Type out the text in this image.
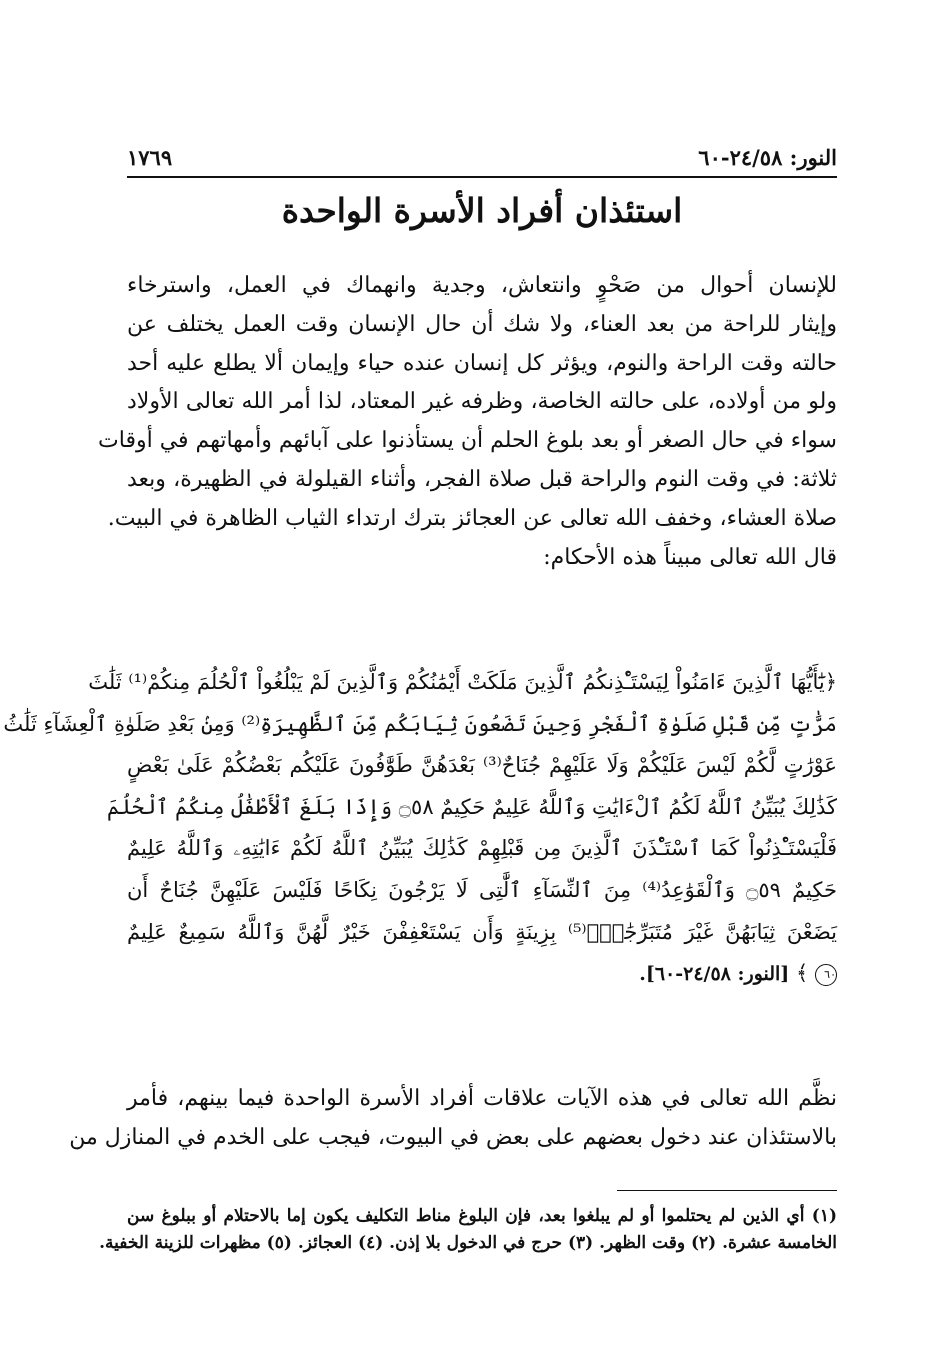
النور: ٢٤/٥٨-٦٠
١٧٦٩
استئذان أفراد الأسرة الواحدة
للإنسان أحوال من صَحْوٍ وانتعاش، وجدية وانهماك في العمل، واسترخاء
وإيثار للراحة من بعد العناء، ولا شك أن حال الإنسان وقت العمل يختلف عن
حالته وقت الراحة والنوم، ويؤثر كل إنسان عنده حياء وإيمان ألا يطلع عليه أحد
ولو من أولاده، على حالته الخاصة، وظرفه غير المعتاد، لذا أمر الله تعالى الأولاد
سواء في حال الصغر أو بعد بلوغ الحلم أن يستأذنوا على آبائهم وأمهاتهم في أوقات
ثلاثة: في وقت النوم والراحة قبل صلاة الفجر، وأثناء القيلولة في الظهيرة، وبعد
صلاة العشاء، وخفف الله تعالى عن العجائز بترك ارتداء الثياب الظاهرة في البيت.
قال الله تعالى مبيناً هذه الأحكام:
﴿يَٰٓأَيُّهَا ٱلَّذِينَ ءَامَنُواْ لِيَسْتَـْٔذِنكُمُ ٱلَّذِينَ مَلَكَتْ أَيْمَٰنُكُمْ وَٱلَّذِينَ لَمْ يَبْلُغُواْ ٱلْحُلُمَ مِنكُمْ⁽¹⁾ ثَلَٰثَ
مَرَّٰتٍ مِّن قَبْلِ صَلَوٰةِ ٱلْفَجْرِ وَحِينَ تَضَعُونَ ثِيَابَكُم مِّنَ ٱلظَّهِيرَةِ⁽²⁾ وَمِنۢ بَعْدِ صَلَوٰةِ ٱلْعِشَآءِ ثَلَٰثُ
عَوْرَٰتٍ لَّكُمْ لَيْسَ عَلَيْكُمْ وَلَا عَلَيْهِمْ جُنَاحٌ⁽³⁾ بَعْدَهُنَّ طَوَّٰفُونَ عَلَيْكُم بَعْضُكُمْ عَلَىٰ بَعْضٍ
كَذَٰلِكَ يُبَيِّنُ ٱللَّهُ لَكُمُ ٱلْءَايَٰتِ وَٱللَّهُ عَلِيمٌ حَكِيمٌ ۝٥٨ وَإِذَا بَلَغَ ٱلْأَطْفَٰلُ مِنكُمُ ٱلْحُلُمَ
فَلْيَسْتَـْٔذِنُواْ كَمَا ٱسْتَـْٔذَنَ ٱلَّذِينَ مِن قَبْلِهِمْ كَذَٰلِكَ يُبَيِّنُ ٱللَّهُ لَكُمْ ءَايَٰتِهِۦ وَٱللَّهُ عَلِيمٌ
حَكِيمٌ ۝٥٩ وَٱلْقَوَٰعِدُ⁽⁴⁾ مِنَ ٱلنِّسَآءِ ٱلَّٰتِى لَا يَرْجُونَ نِكَاحًا فَلَيْسَ عَلَيْهِنَّ جُنَاحٌ أَن
يَضَعْنَ ثِيَابَهُنَّ غَيْرَ مُتَبَرِّجَٰتٍۭ⁽⁵⁾ بِزِينَةٍ وَأَن يَسْتَعْفِفْنَ خَيْرٌ لَّهُنَّ وَٱللَّهُ سَمِيعٌ عَلِيمٌ
٦٠ ﴾ [النور: ٢٤/٥٨-٦٠].
نظَّم الله تعالى في هذه الآيات علاقات أفراد الأسرة الواحدة فيما بينهم، فأمر
بالاستئذان عند دخول بعضهم على بعض في البيوت، فيجب على الخدم في المنازل من
(١) أي الذين لم يحتلموا أو لم يبلغوا بعد، فإن البلوغ مناط التكليف يكون إما بالاحتلام أو ببلوغ سن
الخامسة عشرة. (٢) وقت الظهر. (٣) حرج في الدخول بلا إذن. (٤) العجائز. (٥) مظهرات للزينة الخفية.
